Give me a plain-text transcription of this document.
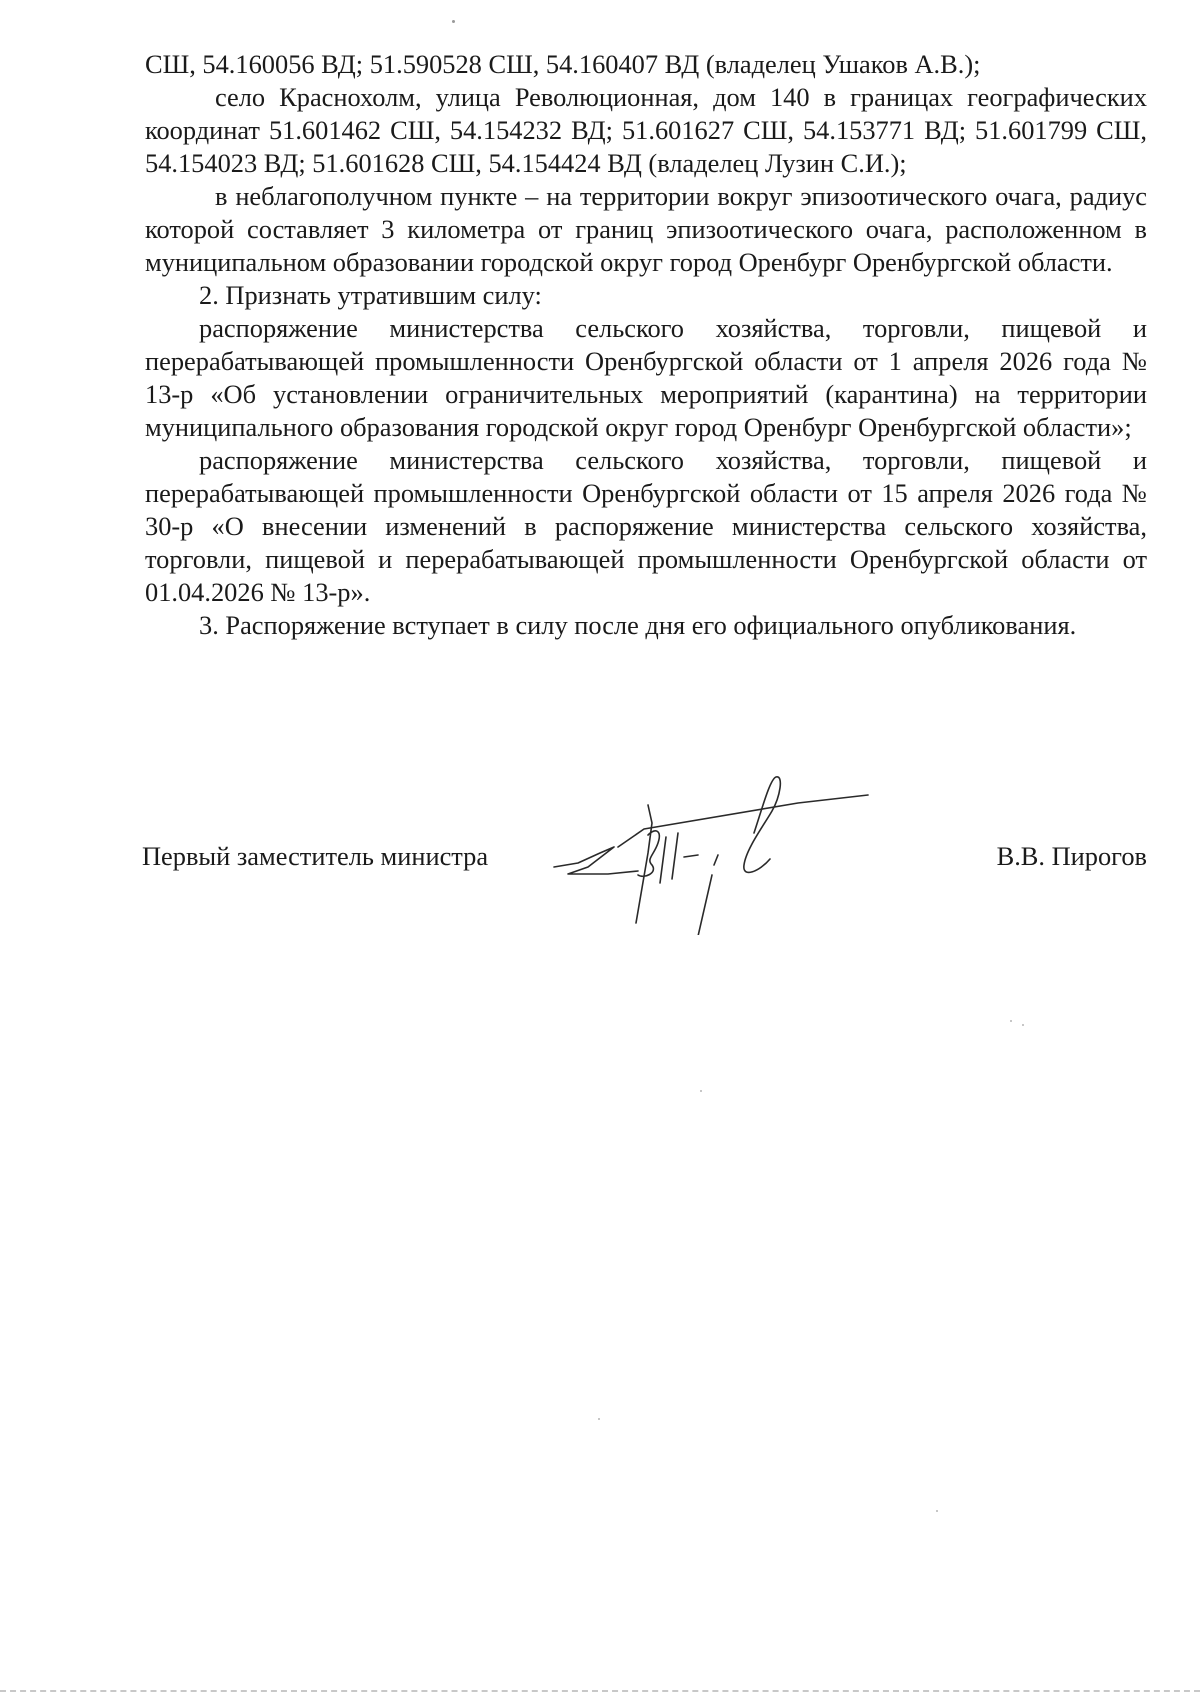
СШ, 54.160056 ВД; 51.590528 СШ, 54.160407 ВД (владелец Ушаков А.В.);

село Краснохолм, улица Революционная, дом 140 в границах географических координат 51.601462 СШ, 54.154232 ВД; 51.601627 СШ, 54.153771 ВД; 51.601799 СШ, 54.154023 ВД; 51.601628 СШ, 54.154424 ВД (владелец Лузин С.И.);

в неблагополучном пункте – на территории вокруг эпизоотического очага, радиус которой составляет 3 километра от границ эпизоотического очага, расположенном в муниципальном образовании городской округ город Оренбург Оренбургской области.

2. Признать утратившим силу:

распоряжение министерства сельского хозяйства, торговли, пищевой и перерабатывающей промышленности Оренбургской области от 1 апреля 2026 года № 13-р «Об установлении ограничительных мероприятий (карантина) на территории муниципального образования городской округ город Оренбург Оренбургской области»;

распоряжение министерства сельского хозяйства, торговли, пищевой и перерабатывающей промышленности Оренбургской области от 15 апреля 2026 года № 30-р «О внесении изменений в распоряжение министерства сельского хозяйства, торговли, пищевой и перерабатывающей промышленности Оренбургской области от 01.04.2026 № 13-р».

3. Распоряжение вступает в силу после дня его официального опубликования.

Первый заместитель министра	В.В. Пирогов
